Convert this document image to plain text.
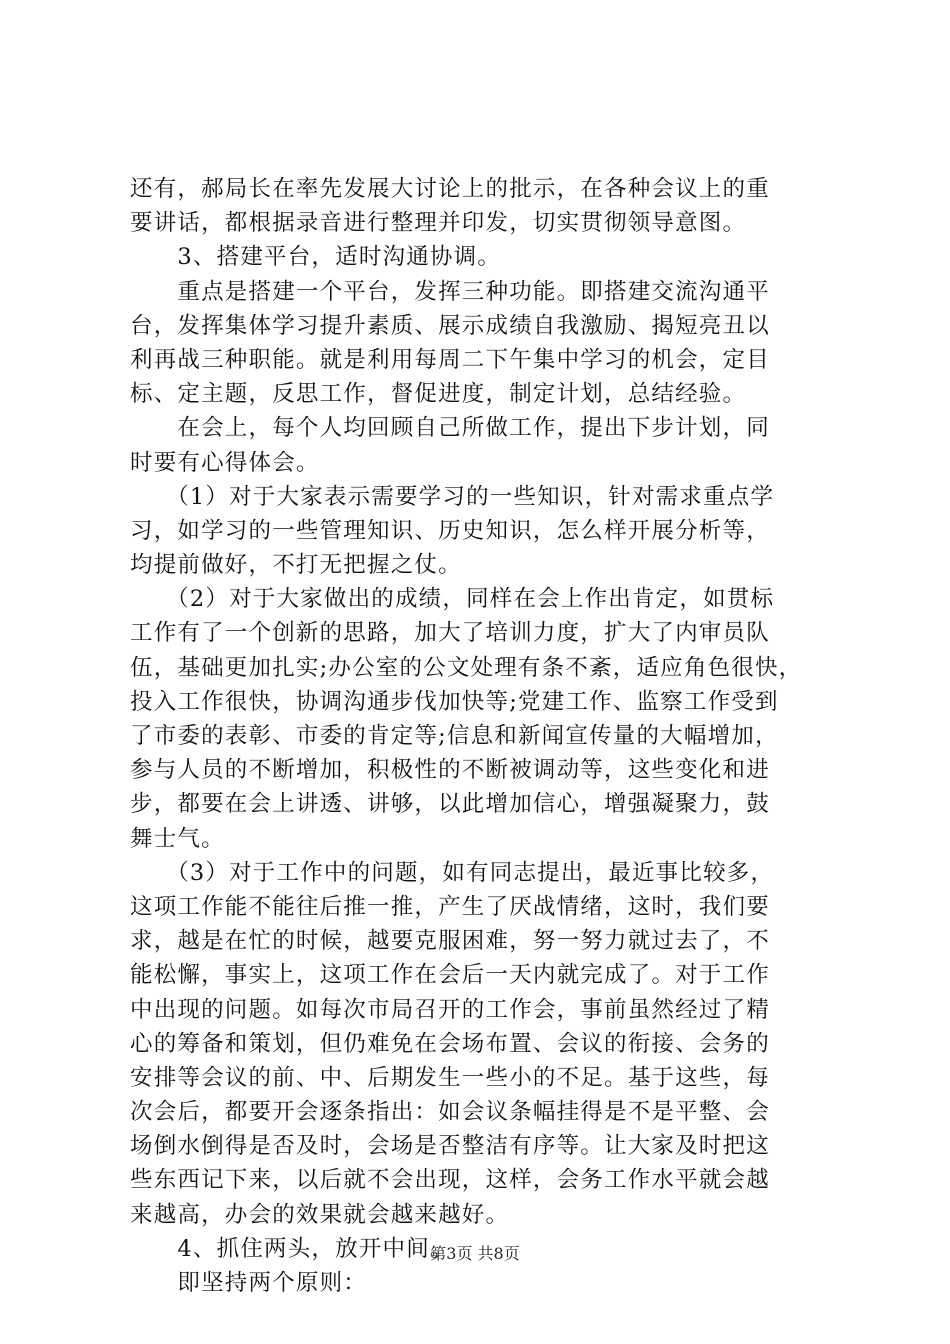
还有，郝局长在率先发展大讨论上的批示，在各种会议上的重
要讲话，都根据录音进行整理并印发，切实贯彻领导意图。
　　3、搭建平台，适时沟通协调。
　　重点是搭建一个平台，发挥三种功能。即搭建交流沟通平
台，发挥集体学习提升素质、展示成绩自我激励、揭短亮丑以
利再战三种职能。就是利用每周二下午集中学习的机会，定目
标、定主题，反思工作，督促进度，制定计划，总结经验。
　　在会上，每个人均回顾自己所做工作，提出下步计划，同
时要有心得体会。
　　（1）对于大家表示需要学习的一些知识，针对需求重点学
习，如学习的一些管理知识、历史知识，怎么样开展分析等，
均提前做好，不打无把握之仗。
　　（2）对于大家做出的成绩，同样在会上作出肯定，如贯标
工作有了一个创新的思路，加大了培训力度，扩大了内审员队
伍，基础更加扎实;办公室的公文处理有条不紊，适应角色很快，
投入工作很快，协调沟通步伐加快等;党建工作、监察工作受到
了市委的表彰、市委的肯定等;信息和新闻宣传量的大幅增加，
参与人员的不断增加，积极性的不断被调动等，这些变化和进
步，都要在会上讲透、讲够，以此增加信心，增强凝聚力，鼓
舞士气。
　　（3）对于工作中的问题，如有同志提出，最近事比较多，
这项工作能不能往后推一推，产生了厌战情绪，这时，我们要
求，越是在忙的时候，越要克服困难，努一努力就过去了，不
能松懈，事实上，这项工作在会后一天内就完成了。对于工作
中出现的问题。如每次市局召开的工作会，事前虽然经过了精
心的筹备和策划，但仍难免在会场布置、会议的衔接、会务的
安排等会议的前、中、后期发生一些小的不足。基于这些，每
次会后，都要开会逐条指出：如会议条幅挂得是不是平整、会
场倒水倒得是否及时，会场是否整洁有序等。让大家及时把这
些东西记下来，以后就不会出现，这样，会务工作水平就会越
来越高，办会的效果就会越来越好。
　　4、抓住两头，放开中间。
　　即坚持两个原则：
第3页 共8页
